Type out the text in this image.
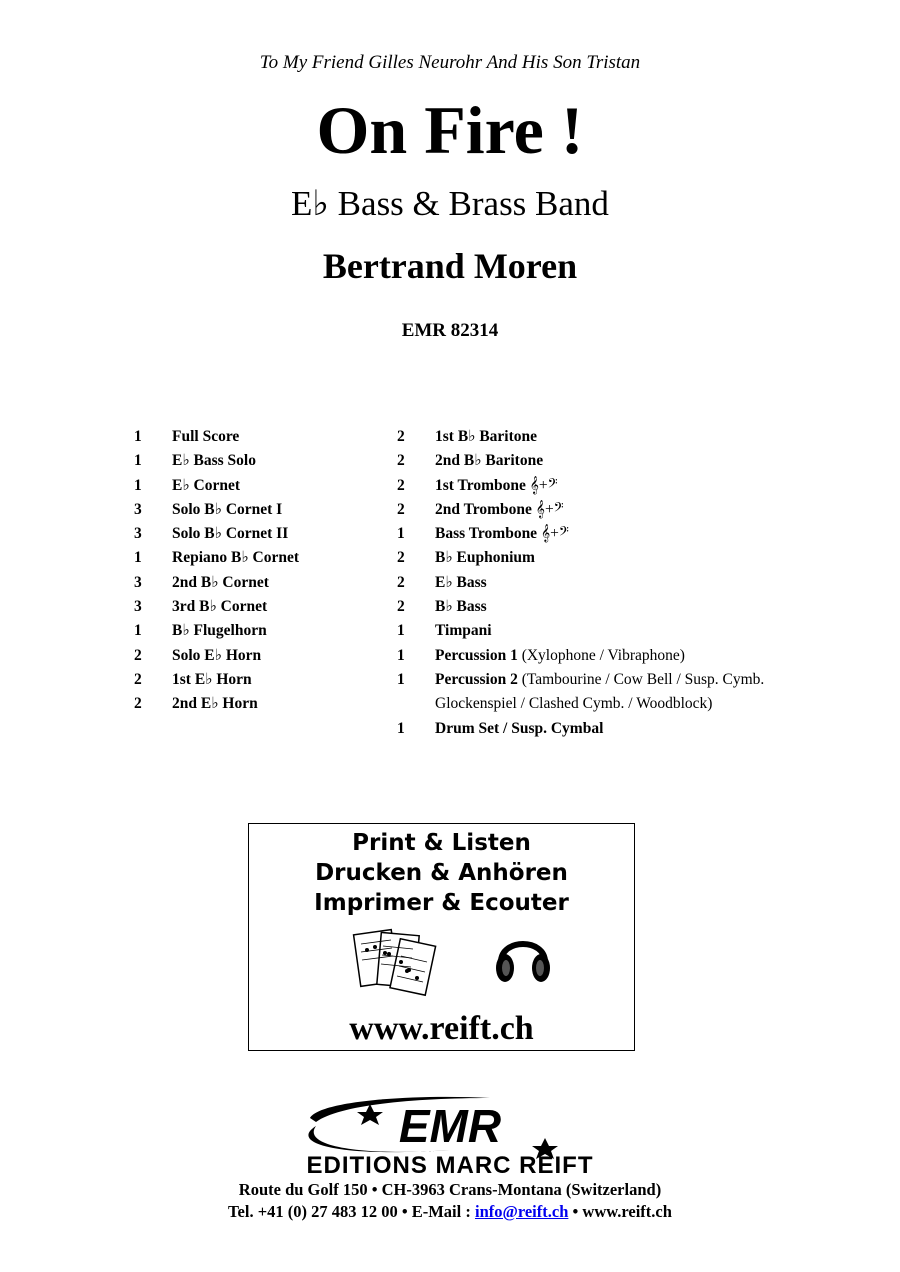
To My Friend Gilles Neurohr And His Son Tristan
On Fire !
E♭ Bass & Brass Band
Bertrand Moren
EMR 82314
1 Full Score
1 E♭ Bass Solo
1 E♭ Cornet
3 Solo B♭ Cornet I
3 Solo B♭ Cornet II
1 Repiano B♭ Cornet
3 2nd B♭ Cornet
3 3rd B♭ Cornet
1 B♭ Flugelhorn
2 Solo E♭ Horn
2 1st E♭ Horn
2 2nd E♭ Horn
2 1st B♭ Baritone
2 2nd B♭ Baritone
2 1st Trombone 𝄞+𝄢
2 2nd Trombone 𝄞+𝄢
1 Bass Trombone 𝄞+𝄢
2 B♭ Euphonium
2 E♭ Bass
2 B♭ Bass
1 Timpani
1 Percussion 1 (Xylophone / Vibraphone)
1 Percussion 2 (Tambourine / Cow Bell / Susp. Cymb.
Glockenspiel / Clashed Cymb. / Woodblock)
1 Drum Set / Susp. Cymbal
Print & Listen
Drucken & Anhören
Imprimer & Ecouter
www.reift.ch
EMR
EDITIONS MARC REIFT
Route du Golf 150 • CH-3963 Crans-Montana (Switzerland)
Tel. +41 (0) 27 483 12 00 • E-Mail : info@reift.ch • www.reift.ch
